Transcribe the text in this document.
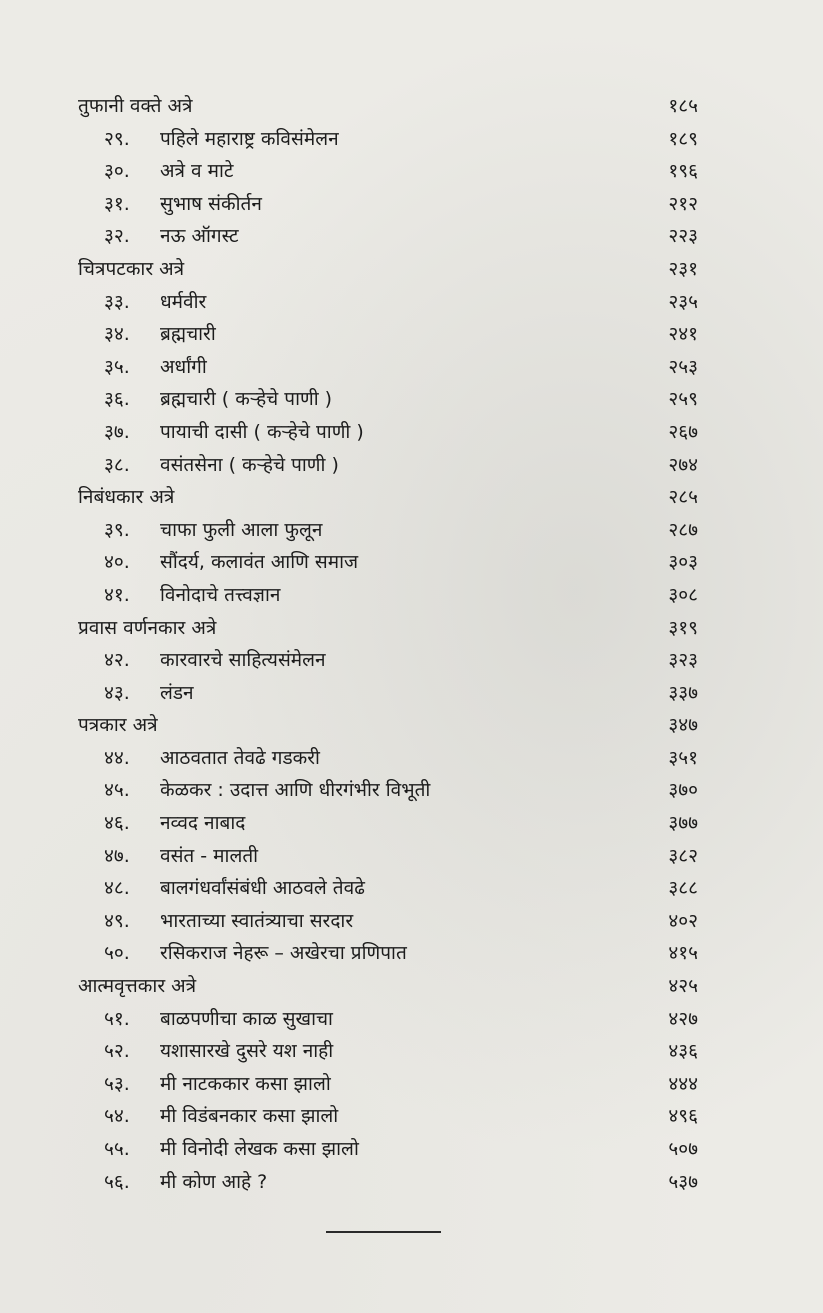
तुफानी वक्ते अत्रे	१८५
२९. पहिले महाराष्ट्र कविसंमेलन	१८९
३०. अत्रे व माटे	१९६
३१. सुभाष संकीर्तन	२१२
३२. नऊ ऑगस्ट	२२३
चित्रपटकार अत्रे	२३१
३३. धर्मवीर	२३५
३४. ब्रह्मचारी	२४१
३५. अर्धांगी	२५३
३६. ब्रह्मचारी ( कऱ्हेचे पाणी )	२५९
३७. पायाची दासी ( कऱ्हेचे पाणी )	२६७
३८. वसंतसेना ( कऱ्हेचे पाणी )	२७४
निबंधकार अत्रे	२८५
३९. चाफा फुली आला फुलून	२८७
४०. सौंदर्य, कलावंत आणि समाज	३०३
४१. विनोदाचे तत्त्वज्ञान	३०८
प्रवास वर्णनकार अत्रे	३१९
४२. कारवारचे साहित्यसंमेलन	३२३
४३. लंडन	३३७
पत्रकार अत्रे	३४७
४४. आठवतात तेवढे गडकरी	३५१
४५. केळकर : उदात्त आणि धीरगंभीर विभूती	३७०
४६. नव्वद नाबाद	३७७
४७. वसंत - मालती	३८२
४८. बालगंधर्वांसंबंधी आठवले तेवढे	३८८
४९. भारताच्या स्वातंत्र्याचा सरदार	४०२
५०. रसिकराज नेहरू – अखेरचा प्रणिपात	४१५
आत्मवृत्तकार अत्रे	४२५
५१. बाळपणीचा काळ सुखाचा	४२७
५२. यशासारखे दुसरे यश नाही	४३६
५३. मी नाटककार कसा झालो	४४४
५४. मी विडंबनकार कसा झालो	४९६
५५. मी विनोदी लेखक कसा झालो	५०७
५६. मी कोण आहे ?	५३७
